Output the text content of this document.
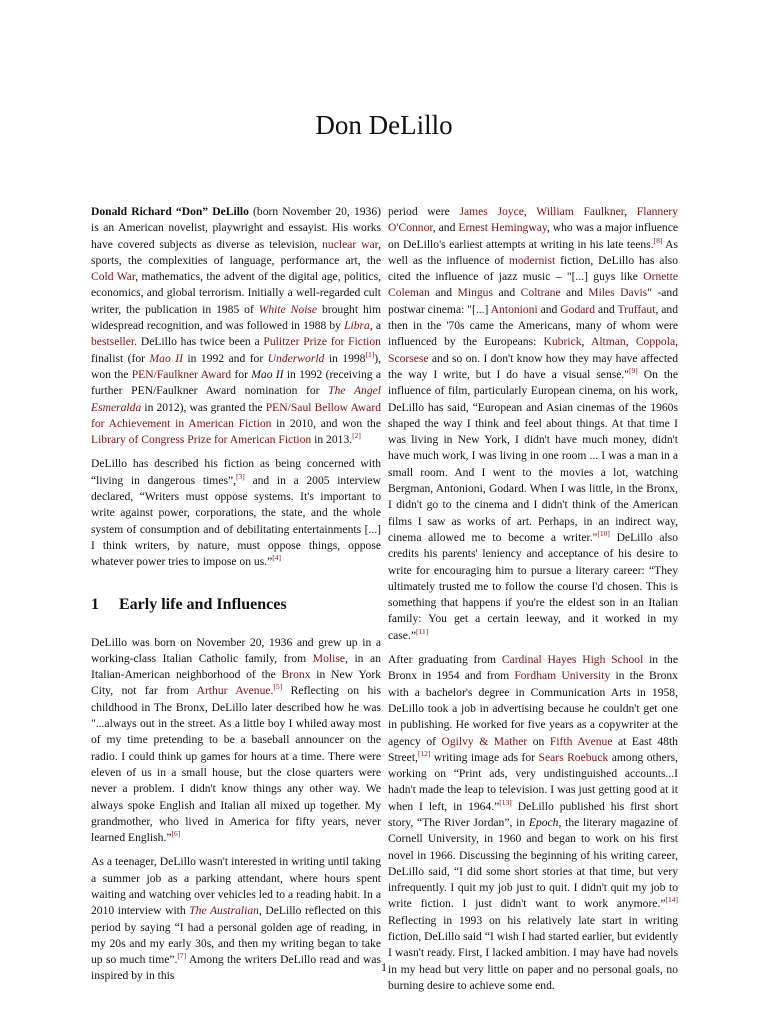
Don DeLillo

Donald Richard “Don” DeLillo (born November 20, 1936) is an American novelist, playwright and essayist. His works have covered subjects as diverse as television, nuclear war, sports, the complexities of language, performance art, the Cold War, mathematics, the advent of the digital age, politics, economics, and global terrorism. Initially a well-regarded cult writer, the publication in 1985 of White Noise brought him widespread recognition, and was followed in 1988 by Libra, a bestseller. DeLillo has twice been a Pulitzer Prize for Fiction finalist (for Mao II in 1992 and for Underworld in 1998[1]), won the PEN/Faulkner Award for Mao II in 1992 (receiving a further PEN/Faulkner Award nomination for The Angel Esmeralda in 2012), was granted the PEN/Saul Bellow Award for Achievement in American Fiction in 2010, and won the Library of Congress Prize for American Fiction in 2013.[2]

DeLillo has described his fiction as being concerned with “living in dangerous times”,[3] and in a 2005 interview declared, “Writers must oppose systems. It's important to write against power, corporations, the state, and the whole system of consumption and of debilitating entertainments [...] I think writers, by nature, must oppose things, oppose whatever power tries to impose on us.”[4]

1 Early life and Influences

DeLillo was born on November 20, 1936 and grew up in a working-class Italian Catholic family, from Molise, in an Italian-American neighborhood of the Bronx in New York City, not far from Arthur Avenue.[5] Reflecting on his childhood in The Bronx, DeLillo later described how he was "...always out in the street. As a little boy I whiled away most of my time pretending to be a baseball announcer on the radio. I could think up games for hours at a time. There were eleven of us in a small house, but the close quarters were never a problem. I didn't know things any other way. We always spoke English and Italian all mixed up together. My grandmother, who lived in America for fifty years, never learned English.”[6]

As a teenager, DeLillo wasn't interested in writing until taking a summer job as a parking attendant, where hours spent waiting and watching over vehicles led to a reading habit. In a 2010 interview with The Australian, DeLillo reflected on this period by saying “I had a personal golden age of reading, in my 20s and my early 30s, and then my writing began to take up so much time”.[7] Among the writers DeLillo read and was inspired by in this

period were James Joyce, William Faulkner, Flannery O'Connor, and Ernest Hemingway, who was a major influence on DeLillo's earliest attempts at writing in his late teens.[8] As well as the influence of modernist fiction, DeLillo has also cited the influence of jazz music – "[...] guys like Ornette Coleman and Mingus and Coltrane and Miles Davis" -and postwar cinema: "[...] Antonioni and Godard and Truffaut, and then in the '70s came the Americans, many of whom were influenced by the Europeans: Kubrick, Altman, Coppola, Scorsese and so on. I don't know how they may have affected the way I write, but I do have a visual sense."[9] On the influence of film, particularly European cinema, on his work, DeLillo has said, “European and Asian cinemas of the 1960s shaped the way I think and feel about things. At that time I was living in New York, I didn't have much money, didn't have much work, I was living in one room ... I was a man in a small room. And I went to the movies a lot, watching Bergman, Antonioni, Godard. When I was little, in the Bronx, I didn't go to the cinema and I didn't think of the American films I saw as works of art. Perhaps, in an indirect way, cinema allowed me to become a writer."[10] DeLillo also credits his parents' leniency and acceptance of his desire to write for encouraging him to pursue a literary career: “They ultimately trusted me to follow the course I'd chosen. This is something that happens if you're the eldest son in an Italian family: You get a certain leeway, and it worked in my case.”[11]

After graduating from Cardinal Hayes High School in the Bronx in 1954 and from Fordham University in the Bronx with a bachelor's degree in Communication Arts in 1958, DeLillo took a job in advertising because he couldn't get one in publishing. He worked for five years as a copywriter at the agency of Ogilvy & Mather on Fifth Avenue at East 48th Street,[12] writing image ads for Sears Roebuck among others, working on “Print ads, very undistinguished accounts...I hadn't made the leap to television. I was just getting good at it when I left, in 1964.”[13] DeLillo published his first short story, “The River Jordan”, in Epoch, the literary magazine of Cornell University, in 1960 and began to work on his first novel in 1966. Discussing the beginning of his writing career, DeLillo said, “I did some short stories at that time, but very infrequently. I quit my job just to quit. I didn't quit my job to write fiction. I just didn't want to work anymore.”[14] Reflecting in 1993 on his relatively late start in writing fiction, DeLillo said “I wish I had started earlier, but evidently I wasn't ready. First, I lacked ambition. I may have had novels in my head but very little on paper and no personal goals, no burning desire to achieve some end.

1
